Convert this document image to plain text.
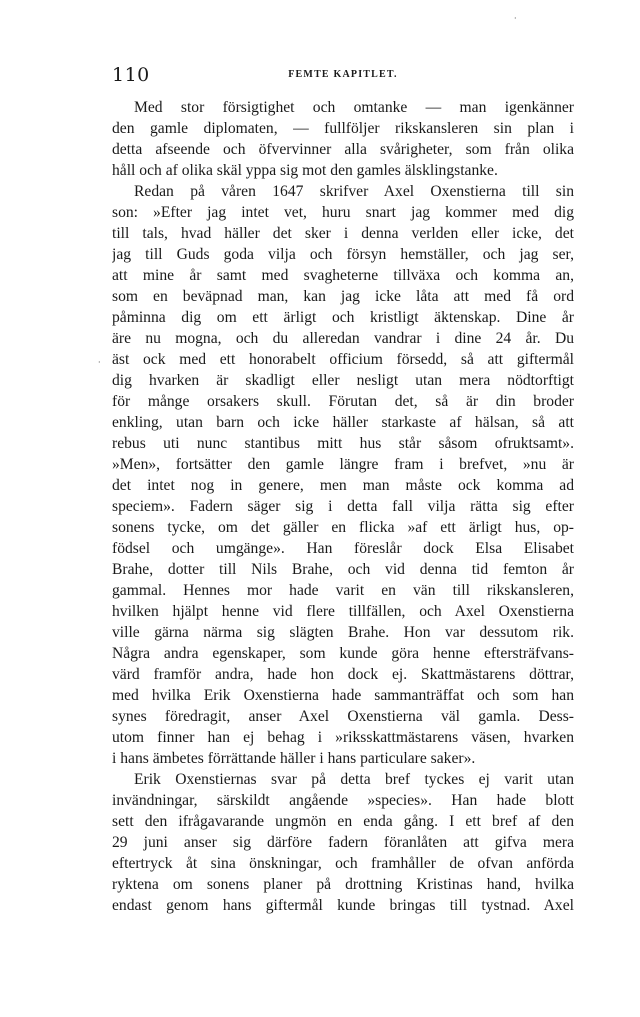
110	FEMTE KAPITLET.
Med stor försigtighet och omtanke — man igenkänner
den gamle diplomaten, — fullföljer rikskansleren sin plan i
detta afseende och öfvervinner alla svårigheter, som från olika
håll och af olika skäl yppa sig mot den gamles älsklingstanke.
Redan på våren 1647 skrifver Axel Oxenstierna till sin
son: »Efter jag intet vet, huru snart jag kommer med dig
till tals, hvad häller det sker i denna verlden eller icke, det
jag till Guds goda vilja och försyn hemställer, och jag ser,
att mine år samt med svagheterne tillväxa och komma an,
som en beväpnad man, kan jag icke låta att med få ord
påminna dig om ett ärligt och kristligt äktenskap. Dine år
äre nu mogna, och du alleredan vandrar i dine 24 år. Du
äst ock med ett honorabelt officium försedd, så att giftermål
dig hvarken är skadligt eller nesligt utan mera nödtorftigt
för månge orsakers skull. Förutan det, så är din broder
enkling, utan barn och icke häller starkaste af hälsan, så att
rebus uti nunc stantibus mitt hus står såsom ofruktsamt».
»Men», fortsätter den gamle längre fram i brefvet, »nu är
det intet nog in genere, men man måste ock komma ad
speciem». Fadern säger sig i detta fall vilja rätta sig efter
sonens tycke, om det gäller en flicka »af ett ärligt hus, op-
födsel och umgänge». Han föreslår dock Elsa Elisabet
Brahe, dotter till Nils Brahe, och vid denna tid femton år
gammal. Hennes mor hade varit en vän till rikskansleren,
hvilken hjälpt henne vid flere tillfällen, och Axel Oxenstierna
ville gärna närma sig slägten Brahe. Hon var dessutom rik.
Några andra egenskaper, som kunde göra henne eftersträfvans-
värd framför andra, hade hon dock ej. Skattmästarens döttrar,
med hvilka Erik Oxenstierna hade sammanträffat och som han
synes föredragit, anser Axel Oxenstierna väl gamla. Dess-
utom finner han ej behag i »riksskattmästarens väsen, hvarken
i hans ämbetes förrättande häller i hans particulare saker».
Erik Oxenstiernas svar på detta bref tyckes ej varit utan
invändningar, särskildt angående »species». Han hade blott
sett den ifrågavarande ungmön en enda gång. I ett bref af den
29 juni anser sig därföre fadern föranlåten att gifva mera
eftertryck åt sina önskningar, och framhåller de ofvan anförda
ryktena om sonens planer på drottning Kristinas hand, hvilka
endast genom hans giftermål kunde bringas till tystnad. Axel
·
·
